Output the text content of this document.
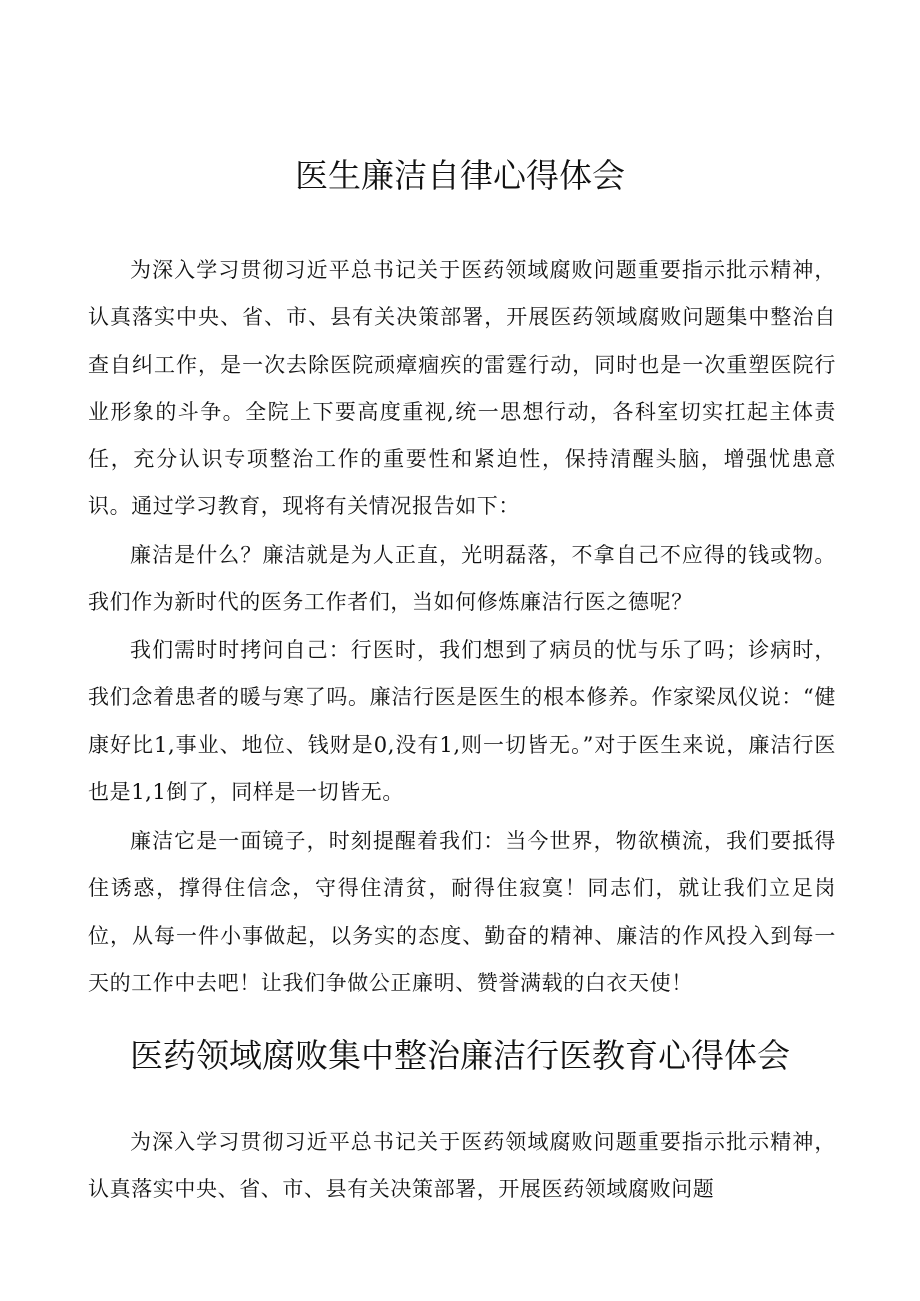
医生廉洁自律心得体会

为深入学习贯彻习近平总书记关于医药领域腐败问题重要指示批示精神，认真落实中央、省、市、县有关决策部署，开展医药领域腐败问题集中整治自查自纠工作，是一次去除医院顽瘴痼疾的雷霆行动，同时也是一次重塑医院行业形象的斗争。全院上下要高度重视,统一思想行动，各科室切实扛起主体责任，充分认识专项整治工作的重要性和紧迫性，保持清醒头脑，增强忧患意识。通过学习教育，现将有关情况报告如下：

廉洁是什么？廉洁就是为人正直，光明磊落，不拿自己不应得的钱或物。我们作为新时代的医务工作者们，当如何修炼廉洁行医之德呢？

我们需时时拷问自己：行医时，我们想到了病员的忧与乐了吗；诊病时，我们念着患者的暖与寒了吗。廉洁行医是医生的根本修养。作家梁凤仪说：“健康好比1,事业、地位、钱财是0,没有1,则一切皆无。”对于医生来说，廉洁行医也是1,1倒了，同样是一切皆无。

廉洁它是一面镜子，时刻提醒着我们：当今世界，物欲横流，我们要抵得住诱惑，撑得住信念，守得住清贫，耐得住寂寞！同志们，就让我们立足岗位，从每一件小事做起，以务实的态度、勤奋的精神、廉洁的作风投入到每一天的工作中去吧！让我们争做公正廉明、赞誉满载的白衣天使！

医药领域腐败集中整治廉洁行医教育心得体会

为深入学习贯彻习近平总书记关于医药领域腐败问题重要指示批示精神，认真落实中央、省、市、县有关决策部署，开展医药领域腐败问题
